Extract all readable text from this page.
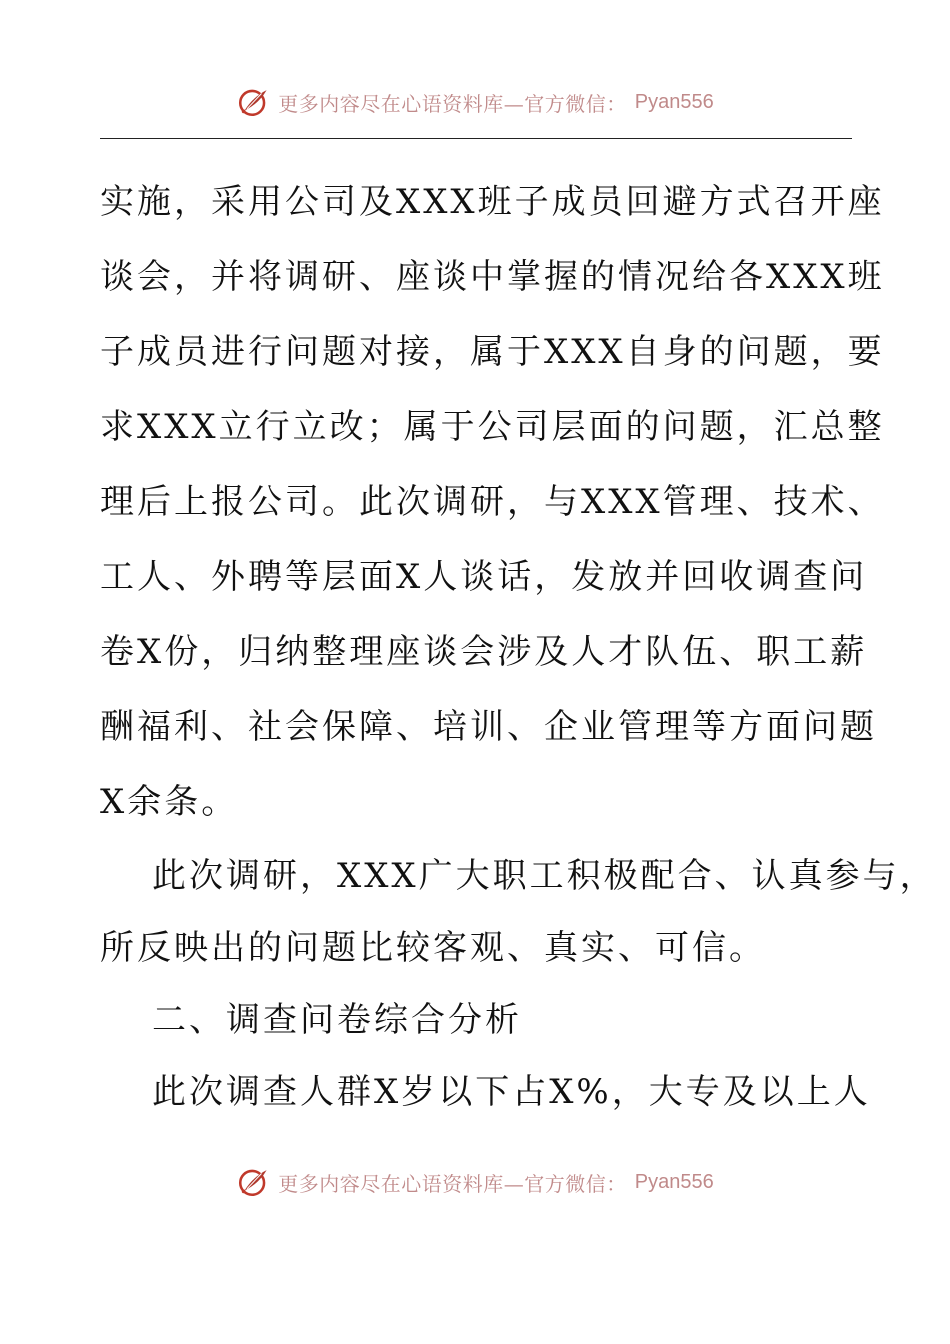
更多内容尽在心语资料库—官方微信： Pyan556
实施，采用公司及XXX班子成员回避方式召开座
谈会，并将调研、座谈中掌握的情况给各XXX班
子成员进行问题对接，属于XXX自身的问题，要
求XXX立行立改；属于公司层面的问题，汇总整
理后上报公司。此次调研，与XXX管理、技术、
工人、外聘等层面X人谈话，发放并回收调查问
卷X份，归纳整理座谈会涉及人才队伍、职工薪
酬福利、社会保障、培训、企业管理等方面问题
X余条。
此次调研，XXX广大职工积极配合、认真参与，
所反映出的问题比较客观、真实、可信。
二、调查问卷综合分析
此次调查人群X岁以下占X%，大专及以上人
更多内容尽在心语资料库—官方微信： Pyan556
